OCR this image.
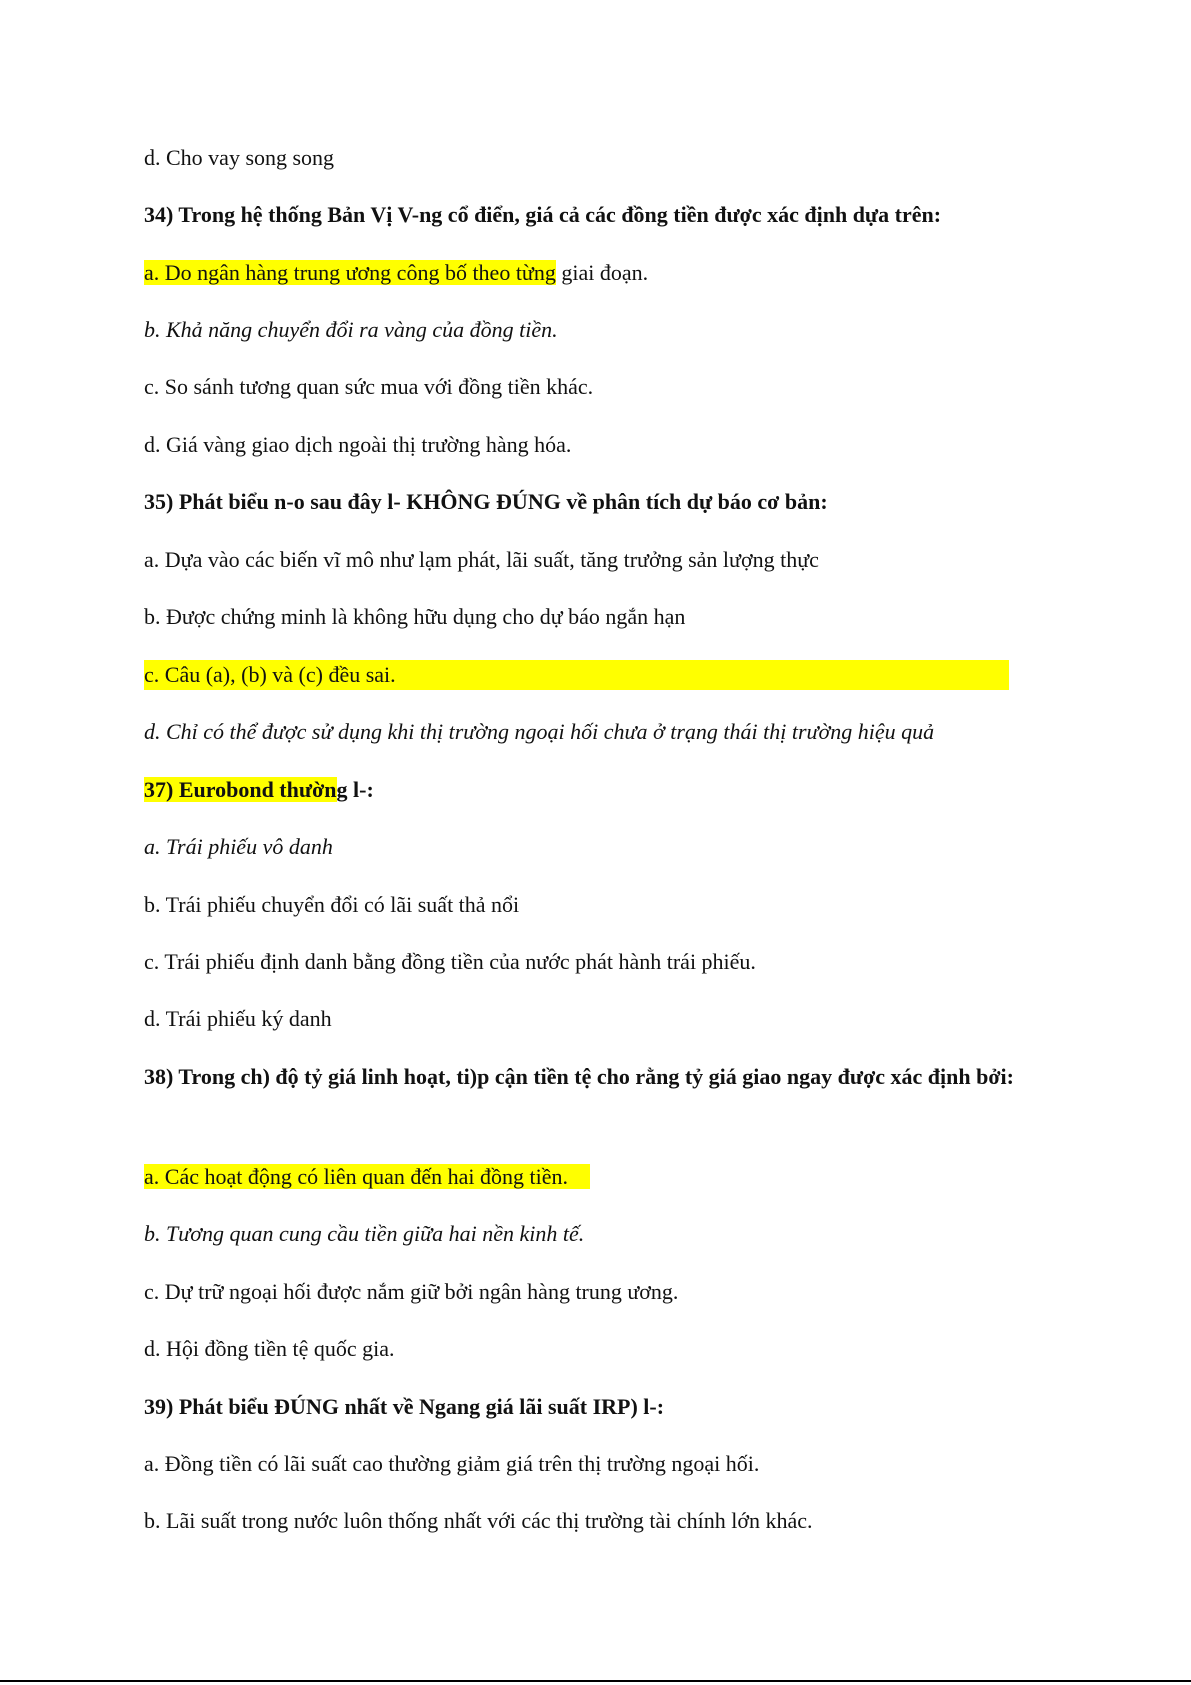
d. Cho vay song song
34) Trong hệ thống Bản Vị V-ng cổ điển, giá cả các đồng tiền được xác định dựa trên:
a. Do ngân hàng trung ương công bố theo từng giai đoạn.
b. Khả năng chuyển đổi ra vàng của đồng tiền.
c. So sánh tương quan sức mua với đồng tiền khác.
d. Giá vàng giao dịch ngoài thị trường hàng hóa.
35) Phát biểu n-o sau đây l- KHÔNG ĐÚNG về phân tích dự báo cơ bản:
a. Dựa vào các biến vĩ mô như lạm phát, lãi suất, tăng trưởng sản lượng thực
b. Được chứng minh là không hữu dụng cho dự báo ngắn hạn
c. Câu (a), (b) và (c) đều sai.
d. Chỉ có thể được sử dụng khi thị trường ngoại hối chưa ở trạng thái thị trường hiệu quả
37) Eurobond thường l-:
a. Trái phiếu vô danh
b. Trái phiếu chuyển đổi có lãi suất thả nổi
c. Trái phiếu định danh bằng đồng tiền của nước phát hành trái phiếu.
d. Trái phiếu ký danh
38) Trong ch) độ tỷ giá linh hoạt, ti)p cận tiền tệ cho rằng tỷ giá giao ngay được xác định bởi:
a. Các hoạt động có liên quan đến hai đồng tiền.
b. Tương quan cung cầu tiền giữa hai nền kinh tế.
c. Dự trữ ngoại hối được nắm giữ bởi ngân hàng trung ương.
d. Hội đồng tiền tệ quốc gia.
39) Phát biểu ĐÚNG nhất về Ngang giá lãi suất IRP) l-:
a. Đồng tiền có lãi suất cao thường giảm giá trên thị trường ngoại hối.
b. Lãi suất trong nước luôn thống nhất với các thị trường tài chính lớn khác.
